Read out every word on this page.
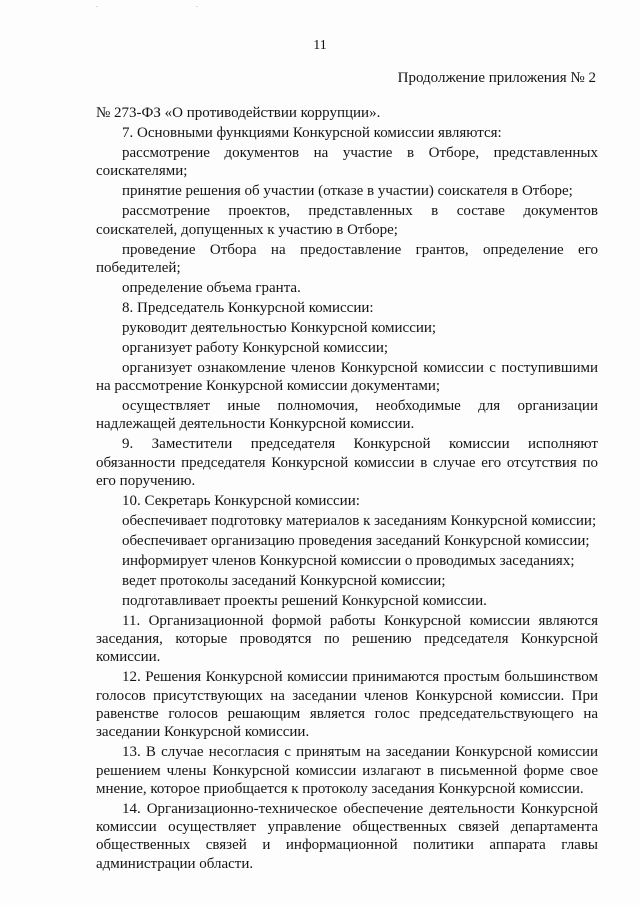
11
Продолжение приложения № 2

№ 273-ФЗ «О противодействии коррупции».

7. Основными функциями Конкурсной комиссии являются:

рассмотрение документов на участие в Отборе, представленных соискателями;

принятие решения об участии (отказе в участии) соискателя в Отборе;

рассмотрение проектов, представленных в составе документов соискателей, допущенных к участию в Отборе;

проведение Отбора на предоставление грантов, определение его победителей;

определение объема гранта.

8. Председатель Конкурсной комиссии:

руководит деятельностью Конкурсной комиссии;

организует работу Конкурсной комиссии;

организует ознакомление членов Конкурсной комиссии с поступившими на рассмотрение Конкурсной комиссии документами;

осуществляет иные полномочия, необходимые для организации надлежащей деятельности Конкурсной комиссии.

9. Заместители председателя Конкурсной комиссии исполняют обязанности председателя Конкурсной комиссии в случае его отсутствия по его поручению.

10. Секретарь Конкурсной комиссии:

обеспечивает подготовку материалов к заседаниям Конкурсной комиссии;

обеспечивает организацию проведения заседаний Конкурсной комиссии;

информирует членов Конкурсной комиссии о проводимых заседаниях;

ведет протоколы заседаний Конкурсной комиссии;

подготавливает проекты решений Конкурсной комиссии.

11. Организационной формой работы Конкурсной комиссии являются заседания, которые проводятся по решению председателя Конкурсной комиссии.

12. Решения Конкурсной комиссии принимаются простым большинством голосов присутствующих на заседании членов Конкурсной комиссии. При равенстве голосов решающим является голос председательствующего на заседании Конкурсной комиссии.

13. В случае несогласия с принятым на заседании Конкурсной комиссии решением члены Конкурсной комиссии излагают в письменной форме свое мнение, которое приобщается к протоколу заседания Конкурсной комиссии.

14. Организационно-техническое обеспечение деятельности Конкурсной комиссии осуществляет управление общественных связей департамента общественных связей и информационной политики аппарата главы администрации области.
